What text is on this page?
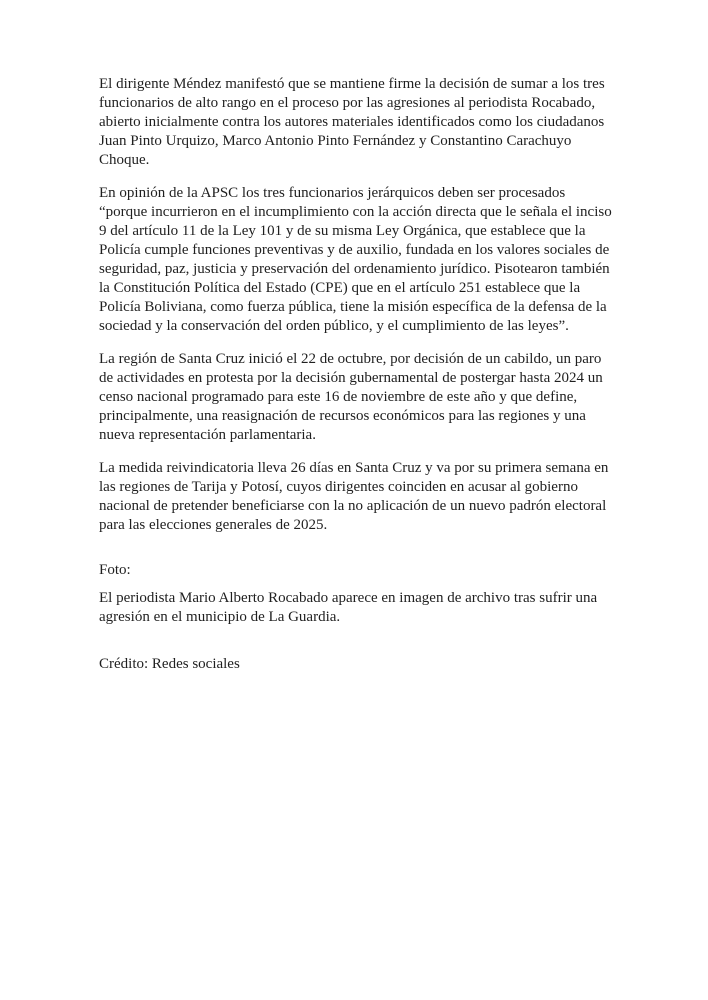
El dirigente Méndez manifestó que se mantiene firme la decisión de sumar a los tres funcionarios de alto rango en el proceso por las agresiones al periodista Rocabado, abierto inicialmente contra los autores materiales identificados como los ciudadanos Juan Pinto Urquizo, Marco Antonio Pinto Fernández y Constantino Carachuyo Choque.

En opinión de la APSC los tres funcionarios jerárquicos deben ser procesados “porque incurrieron en el incumplimiento con la acción directa que le señala el inciso 9 del artículo 11 de la Ley 101 y de su misma Ley Orgánica, que establece que la Policía cumple funciones preventivas y de auxilio, fundada en los valores sociales de seguridad, paz, justicia y preservación del ordenamiento jurídico. Pisotearon también la Constitución Política del Estado (CPE) que en el artículo 251 establece que la Policía Boliviana, como fuerza pública, tiene la misión específica de la defensa de la sociedad y la conservación del orden público, y el cumplimiento de las leyes”.

La región de Santa Cruz inició el 22 de octubre, por decisión de un cabildo, un paro de actividades en protesta por la decisión gubernamental de postergar hasta 2024 un censo nacional programado para este 16 de noviembre de este año y que define, principalmente, una reasignación de recursos económicos para las regiones y una nueva representación parlamentaria.

La medida reivindicatoria lleva 26 días en Santa Cruz y va por su primera semana en las regiones de Tarija y Potosí, cuyos dirigentes coinciden en acusar al gobierno nacional de pretender beneficiarse con la no aplicación de un nuevo padrón electoral para las elecciones generales de 2025.

Foto:

El periodista Mario Alberto Rocabado aparece en imagen de archivo tras sufrir una agresión en el municipio de La Guardia.

Crédito: Redes sociales
